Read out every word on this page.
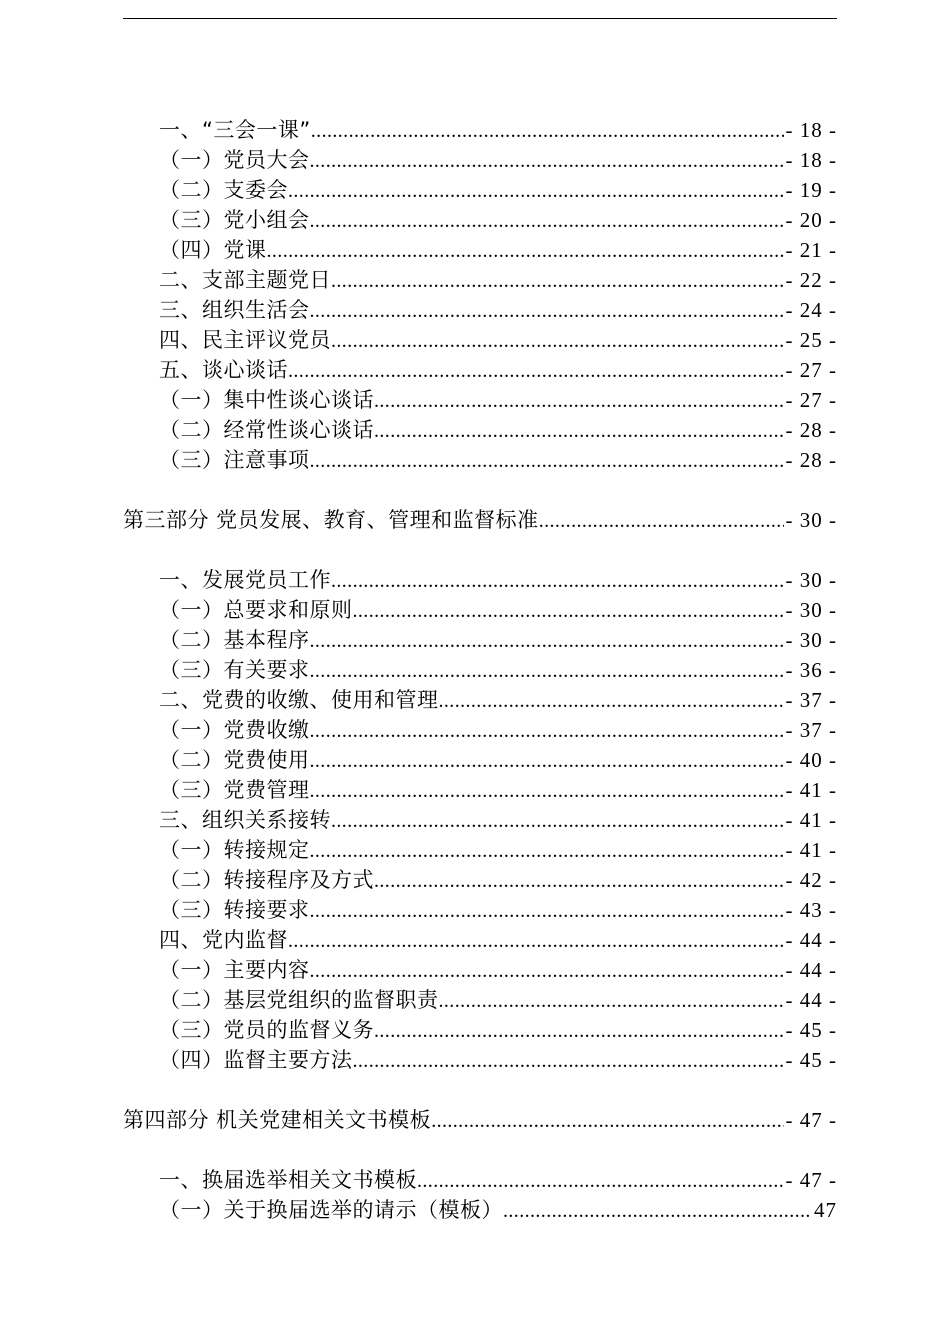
一、“三会一课” .....	- 18 -
（一）党员大会 .....	- 18 -
（二）支委会 .....	- 19 -
（三）党小组会 .....	- 20 -
（四）党课 .....	- 21 -
二、支部主题党日 .....	- 22 -
三、组织生活会 .....	- 24 -
四、民主评议党员 .....	- 25 -
五、谈心谈话 .....	- 27 -
（一）集中性谈心谈话 .....	- 27 -
（二）经常性谈心谈话 .....	- 28 -
（三）注意事项 .....	- 28 -
第三部分 党员发展、教育、管理和监督标准 .....	- 30 -
一、发展党员工作 .....	- 30 -
（一）总要求和原则 .....	- 30 -
（二）基本程序 .....	- 30 -
（三）有关要求 .....	- 36 -
二、党费的收缴、使用和管理 .....	- 37 -
（一）党费收缴 .....	- 37 -
（二）党费使用 .....	- 40 -
（三）党费管理 .....	- 41 -
三、组织关系接转 .....	- 41 -
（一）转接规定 .....	- 41 -
（二）转接程序及方式 .....	- 42 -
（三）转接要求 .....	- 43 -
四、党内监督 .....	- 44 -
（一）主要内容 .....	- 44 -
（二）基层党组织的监督职责 .....	- 44 -
（三）党员的监督义务 .....	- 45 -
（四）监督主要方法 .....	- 45 -
第四部分 机关党建相关文书模板 .....	- 47 -
一、换届选举相关文书模板 .....	- 47 -
（一）关于换届选举的请示（模板） .....	47
